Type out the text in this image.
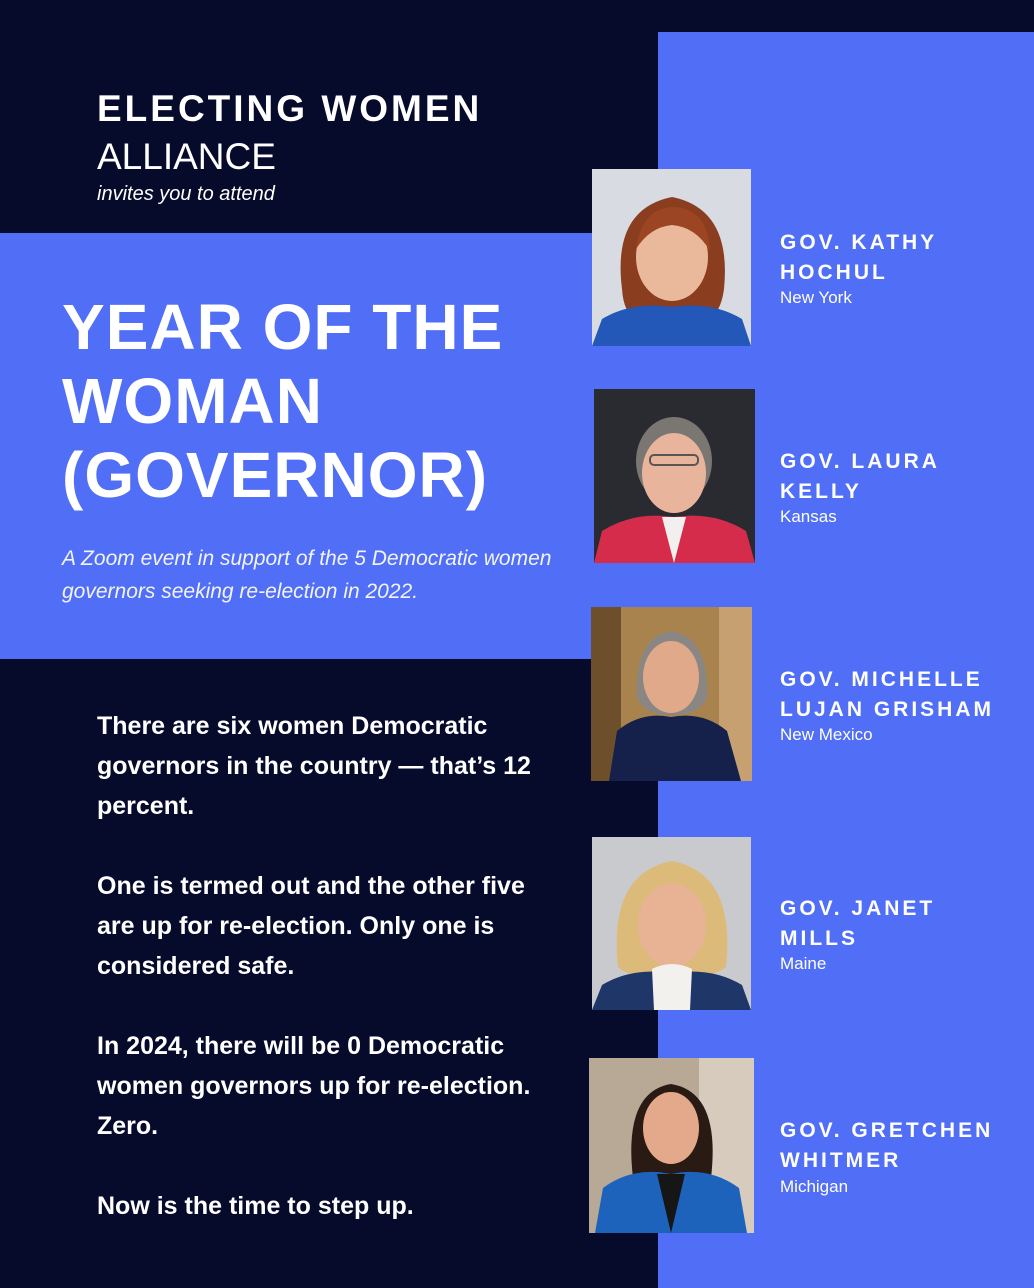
ELECTING WOMEN
ALLIANCE
invites you to attend
YEAR OF THE WOMAN (GOVERNOR)
A Zoom event in support of the 5 Democratic women governors seeking re-election in 2022.

There are six women Democratic governors in the country — that’s 12 percent.

One is termed out and the other five are up for re-election. Only one is considered safe.

In 2024, there will be 0 Democratic women governors up for re-election. Zero.

Now is the time to step up.

GOV. KATHY HOCHUL
New York
GOV. LAURA KELLY
Kansas
GOV. MICHELLE LUJAN GRISHAM
New Mexico
GOV. JANET MILLS
Maine
GOV. GRETCHEN WHITMER
Michigan
